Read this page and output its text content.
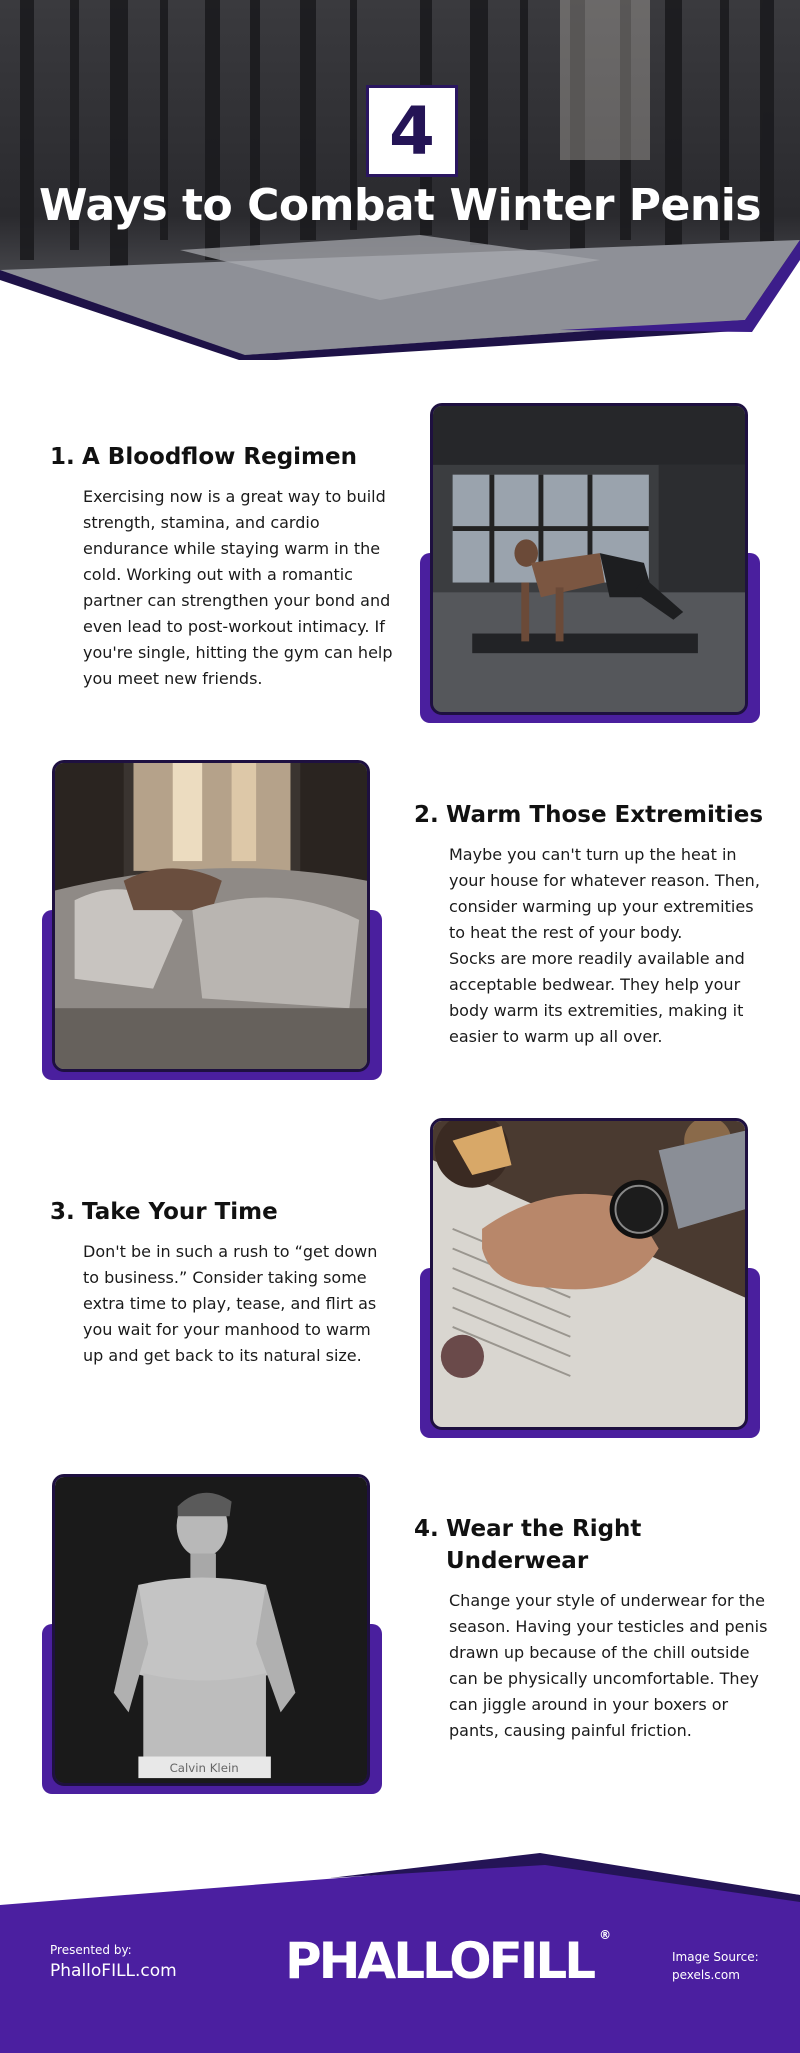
4
Ways to Combat Winter Penis
1. A Bloodflow Regimen
Exercising now is a great way to build strength, stamina, and cardio endurance while staying warm in the cold. Working out with a romantic partner can strengthen your bond and even lead to post-workout intimacy. If you're single, hitting the gym can help you meet new friends.
2. Warm Those Extremities
Maybe you can't turn up the heat in your house for whatever reason. Then, consider warming up your extremities to heat the rest of your body.
Socks are more readily available and acceptable bedwear. They help your body warm its extremities, making it easier to warm up all over.
3. Take Your Time
Don't be in such a rush to “get down to business.” Consider taking some extra time to play, tease, and flirt as you wait for your manhood to warm up and get back to its natural size.
Calvin Klein
4. Wear the Right Underwear
Change your style of underwear for the season. Having your testicles and penis drawn up because of the chill outside can be physically uncomfortable. They can jiggle around in your boxers or pants, causing painful friction.
Presented by:
PhalloFILL.com PHALLOFILL ®
Image Source:
pexels.com
